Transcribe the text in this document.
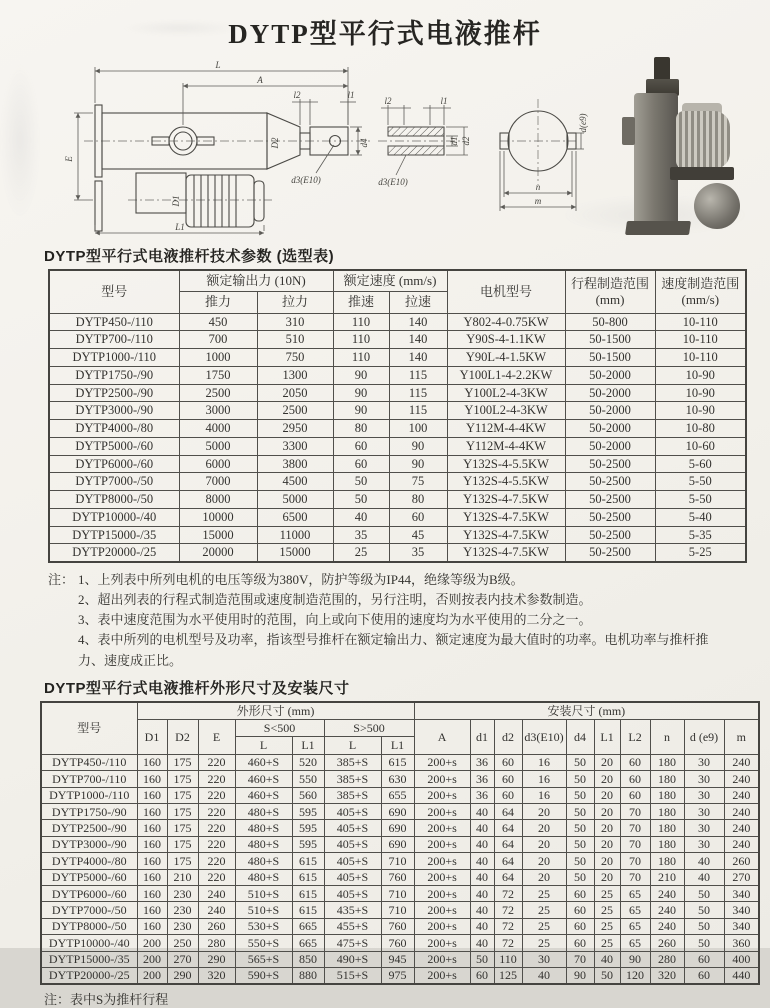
DYTP型平行式电液推杆
L
A
E
L1
D2
D1
l2	l1
d4
d3(E10)
l2	l1
d1 d2
d3(E10)
d(e9)
n
m
DYTP型平行式电液推杆技术参数 (选型表)
型号	额定输出力 (10N)	额定速度 (mm/s)	电机型号	
行程制造范围
(mm)

速度制造范围
(mm/s)

	推力	拉力	推速	拉速			
DYTP450-/110	450	310	110	140	Y802-4-0.75KW	50-800	10-110
DYTP700-/110	700	510	110	140	Y90S-4-1.1KW	50-1500	10-110
DYTP1000-/110	1000	750	110	140	Y90L-4-1.5KW	50-1500	10-110
DYTP1750-/90	1750	1300	90	115	Y100L1-4-2.2KW	50-2000	10-90
DYTP2500-/90	2500	2050	90	115	Y100L2-4-3KW	50-2000	10-90
DYTP3000-/90	3000	2500	90	115	Y100L2-4-3KW	50-2000	10-90
DYTP4000-/80	4000	2950	80	100	Y112M-4-4KW	50-2000	10-80
DYTP5000-/60	5000	3300	60	90	Y112M-4-4KW	50-2000	10-60
DYTP6000-/60	6000	3800	60	90	Y132S-4-5.5KW	50-2500	5-60
DYTP7000-/50	7000	4500	50	75	Y132S-4-5.5KW	50-2500	5-50
DYTP8000-/50	8000	5000	50	80	Y132S-4-7.5KW	50-2500	5-50
DYTP10000-/40	10000	6500	40	60	Y132S-4-7.5KW	50-2500	5-40
DYTP15000-/35	15000	11000	35	45	Y132S-4-7.5KW	50-2500	5-35
DYTP20000-/25	20000	15000	25	35	Y132S-4-7.5KW	50-2500	5-25
注： 1、上列表中所列电机的电压等级为380V，防护等级为IP44，绝缘等级为B级。
2、超出列表的行程式制造范围或速度制造范围的，另行注明，否则按表内技术参数制造。
3、表中速度范围为水平使用时的范围，向上或向下使用的速度均为水平使用的二分之一。
4、表中所列的电机型号及功率，指该型号推杆在额定输出力、额定速度为最大值时的功率。电机功率与推杆推力、速度成正比。
DYTP型平行式电液推杆外形尺寸及安装尺寸
型号	外形尺寸 (mm)							安装尺寸 (mm)									
	D1	D2	E	S<500		S>500		A	d1	d2	d3(E10)	d4	L1	L2	n	d (e9)	m
				L	L1	L	L1										
DYTP450-/110	160	175	220	460+S	520	385+S	615	200+s	36	60	16	50	20	60	180	30	240
DYTP700-/110	160	175	220	460+S	550	385+S	630	200+s	36	60	16	50	20	60	180	30	240
DYTP1000-/110	160	175	220	460+S	560	385+S	655	200+s	36	60	16	50	20	60	180	30	240
DYTP1750-/90	160	175	220	480+S	595	405+S	690	200+s	40	64	20	50	20	70	180	30	240
DYTP2500-/90	160	175	220	480+S	595	405+S	690	200+s	40	64	20	50	20	70	180	30	240
DYTP3000-/90	160	175	220	480+S	595	405+S	690	200+s	40	64	20	50	20	70	180	30	240
DYTP4000-/80	160	175	220	480+S	615	405+S	710	200+s	40	64	20	50	20	70	180	40	260
DYTP5000-/60	160	210	220	480+S	615	405+S	760	200+s	40	64	20	50	20	70	210	40	270
DYTP6000-/60	160	230	240	510+S	615	405+S	710	200+s	40	72	25	60	25	65	240	50	340
DYTP7000-/50	160	230	240	510+S	615	435+S	710	200+s	40	72	25	60	25	65	240	50	340
DYTP8000-/50	160	230	260	530+S	665	455+S	760	200+s	40	72	25	60	25	65	240	50	340
DYTP10000-/40	200	250	280	550+S	665	475+S	760	200+s	40	72	25	60	25	65	260	50	360
DYTP15000-/35	200	270	290	565+S	850	490+S	945	200+s	50	110	30	70	40	90	280	60	400
DYTP20000-/25	200	290	320	590+S	880	515+S	975	200+s	60	125	40	90	50	120	320	60	440
注：表中S为推杆行程
